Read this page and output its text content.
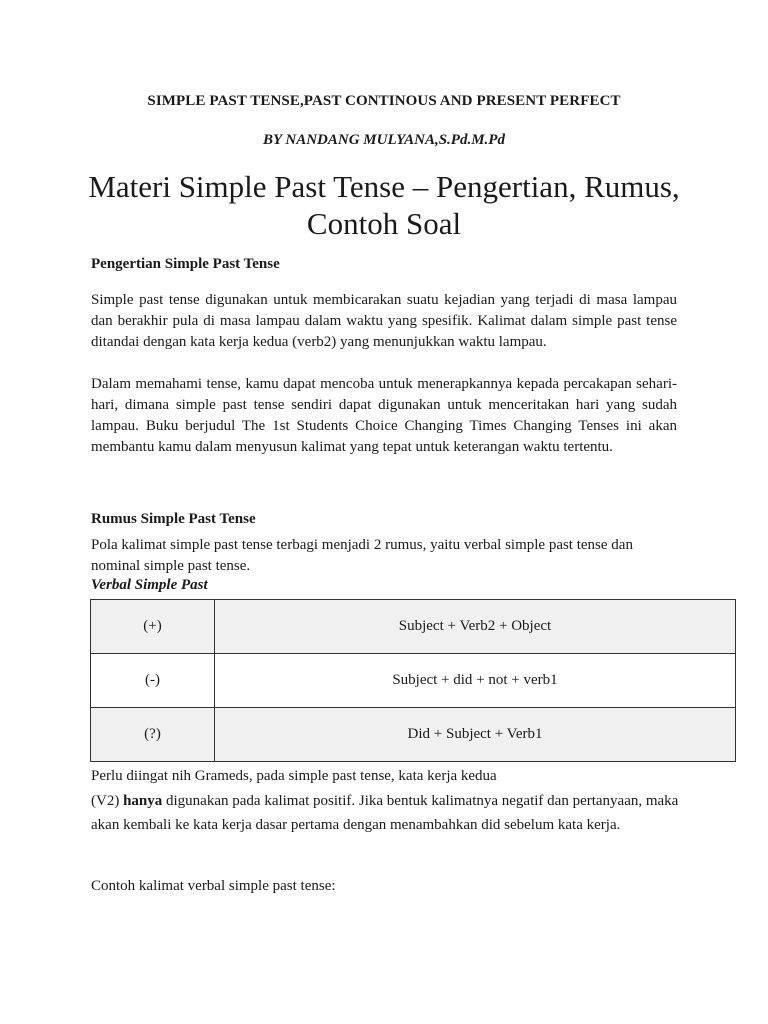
SIMPLE PAST TENSE,PAST CONTINOUS AND PRESENT PERFECT

BY NANDANG MULYANA,S.Pd.M.Pd

Materi Simple Past Tense – Pengertian, Rumus, Contoh Soal

Pengertian Simple Past Tense

Simple past tense digunakan untuk membicarakan suatu kejadian yang terjadi di masa lampau dan berakhir pula di masa lampau dalam waktu yang spesifik. Kalimat dalam simple past tense ditandai dengan kata kerja kedua (verb2) yang menunjukkan waktu lampau.

Dalam memahami tense, kamu dapat mencoba untuk menerapkannya kepada percakapan sehari-hari, dimana simple past tense sendiri dapat digunakan untuk menceritakan hari yang sudah lampau. Buku berjudul The 1st Students Choice Changing Times Changing Tenses ini akan membantu kamu dalam menyusun kalimat yang tepat untuk keterangan waktu tertentu.

Rumus Simple Past Tense

Pola kalimat simple past tense terbagi menjadi 2 rumus, yaitu verbal simple past tense dan nominal simple past tense.

Verbal Simple Past

(+)	Subject + Verb2 + Object
(-)	Subject + did + not + verb1
(?)	Did + Subject + Verb1

Perlu diingat nih Grameds, pada simple past tense, kata kerja kedua

(V2) hanya digunakan pada kalimat positif. Jika bentuk kalimatnya negatif dan pertanyaan, maka akan kembali ke kata kerja dasar pertama dengan menambahkan did sebelum kata kerja.

Contoh kalimat verbal simple past tense:
